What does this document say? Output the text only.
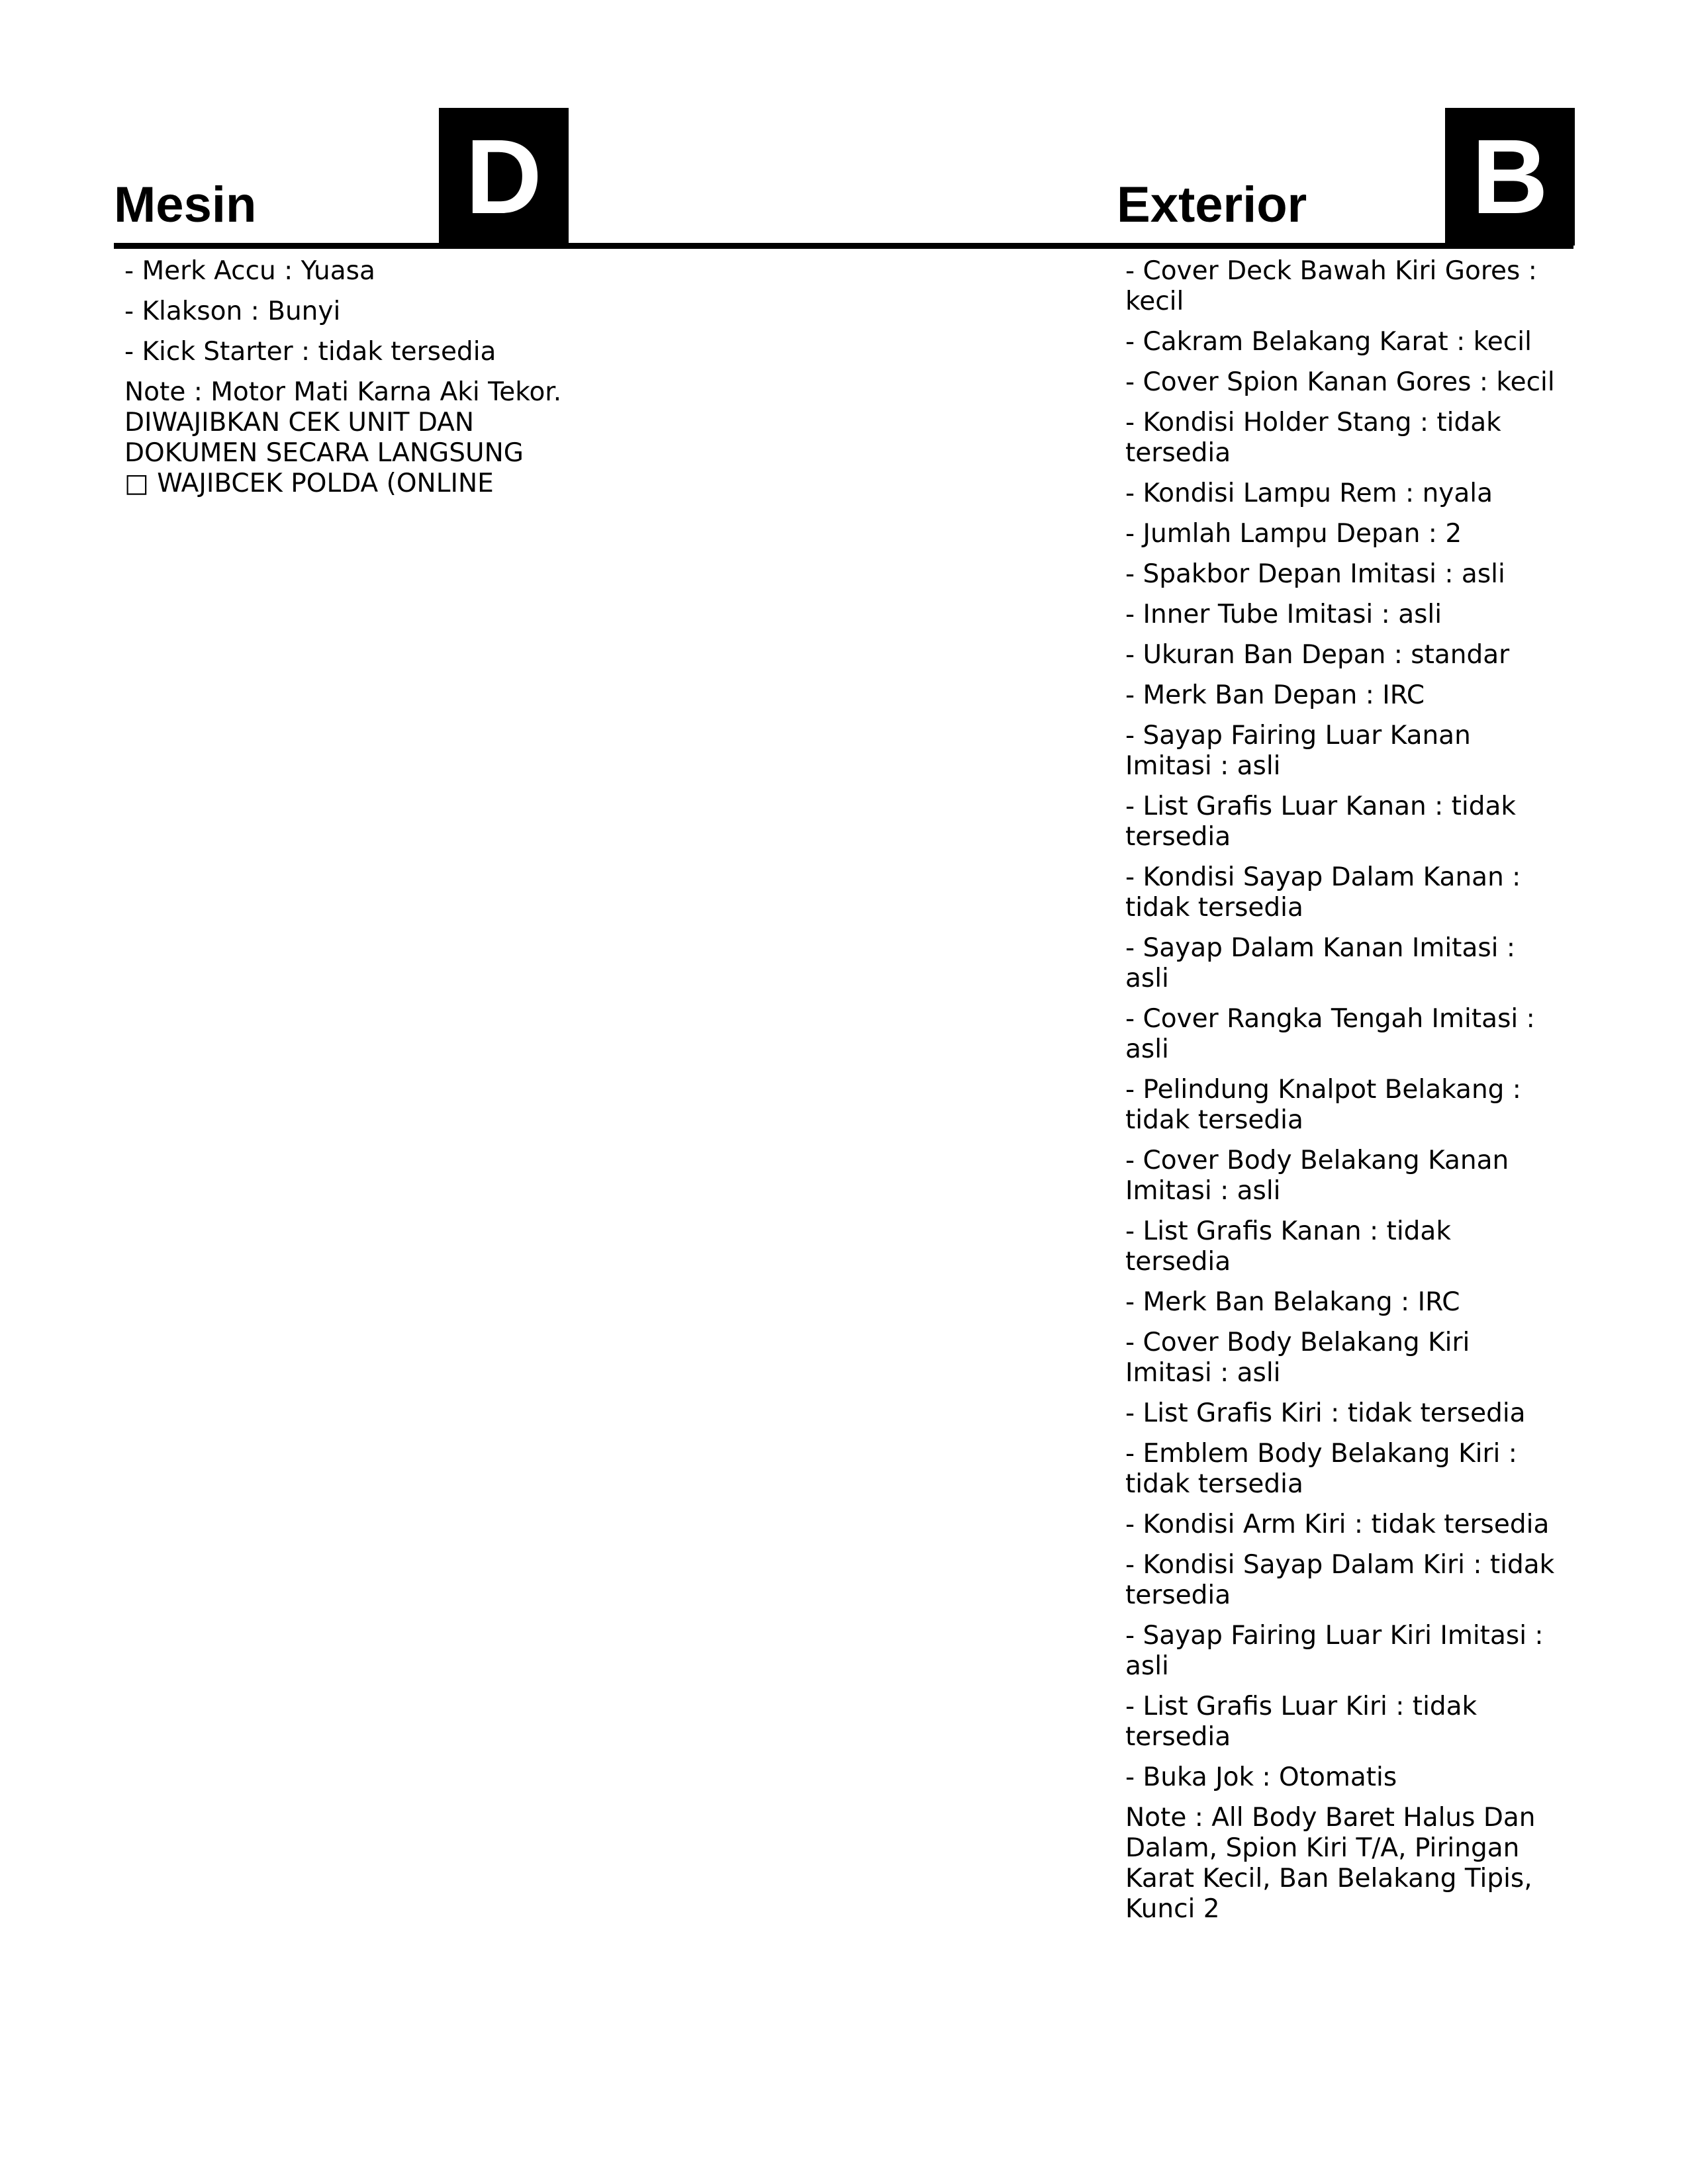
Mesin D	Exterior B
- Merk Accu : Yuasa
- Klakson : Bunyi
- Kick Starter : tidak tersedia
Note : Motor Mati Karna Aki Tekor.
DIWAJIBKAN CEK UNIT DAN
DOKUMEN SECARA LANGSUNG
□ WAJIBCEK POLDA (ONLINE
- Cover Deck Bawah Kiri Gores : kecil
- Cakram Belakang Karat : kecil
- Cover Spion Kanan Gores : kecil
- Kondisi Holder Stang : tidak tersedia
- Kondisi Lampu Rem : nyala
- Jumlah Lampu Depan : 2
- Spakbor Depan Imitasi : asli
- Inner Tube Imitasi : asli
- Ukuran Ban Depan : standar
- Merk Ban Depan : IRC
- Sayap Fairing Luar Kanan Imitasi : asli
- List Grafis Luar Kanan : tidak tersedia
- Kondisi Sayap Dalam Kanan : tidak tersedia
- Sayap Dalam Kanan Imitasi : asli
- Cover Rangka Tengah Imitasi : asli
- Pelindung Knalpot Belakang : tidak tersedia
- Cover Body Belakang Kanan Imitasi : asli
- List Grafis Kanan : tidak tersedia
- Merk Ban Belakang : IRC
- Cover Body Belakang Kiri Imitasi : asli
- List Grafis Kiri : tidak tersedia
- Emblem Body Belakang Kiri : tidak tersedia
- Kondisi Arm Kiri : tidak tersedia
- Kondisi Sayap Dalam Kiri : tidak tersedia
- Sayap Fairing Luar Kiri Imitasi : asli
- List Grafis Luar Kiri : tidak tersedia
- Buka Jok : Otomatis
Note : All Body Baret Halus Dan Dalam, Spion Kiri T/A, Piringan Karat Kecil, Ban Belakang Tipis, Kunci 2
